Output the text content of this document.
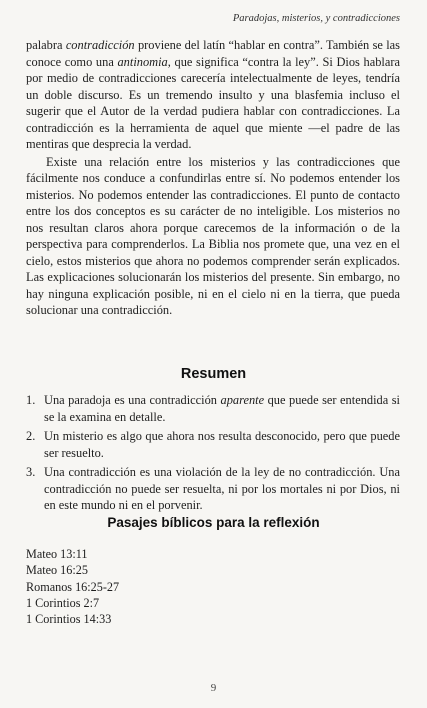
Paradojas, misterios, y contradicciones

palabra contradicción proviene del latín “hablar en contra”. También se las conoce como una antinomia, que significa “contra la ley”. Si Dios hablara por medio de contradicciones carecería intelectualmente de leyes, tendría un doble discurso. Es un tremendo insulto y una blasfemia incluso el sugerir que el Autor de la verdad pudiera hablar con contradicciones. La contradicción es la herramienta de aquel que miente —el padre de las mentiras que desprecia la verdad.

Existe una relación entre los misterios y las contradicciones que fácilmente nos conduce a confundirlas entre sí. No podemos entender los misterios. No podemos entender las contradicciones. El punto de contacto entre los dos conceptos es su carácter de no inteligible. Los misterios no nos resultan claros ahora porque carecemos de la información o de la perspectiva para comprenderlos. La Biblia nos promete que, una vez en el cielo, estos misterios que ahora no podemos comprender serán explicados. Las explicaciones solucionarán los misterios del presente. Sin embargo, no hay ninguna explicación posible, ni en el cielo ni en la tierra, que pueda solucionar una contradicción.

Resumen
1. Una paradoja es una contradicción aparente que puede ser entendida si se la examina en detalle.
2. Un misterio es algo que ahora nos resulta desconocido, pero que puede ser resuelto.
3. Una contradicción es una violación de la ley de no contradicción. Una contradicción no puede ser resuelta, ni por los mortales ni por Dios, ni en este mundo ni en el porvenir.
Pasajes bíblicos para la reflexión
Mateo 13:11
Mateo 16:25
Romanos 16:25-27
1 Corintios 2:7
1 Corintios 14:33
9
